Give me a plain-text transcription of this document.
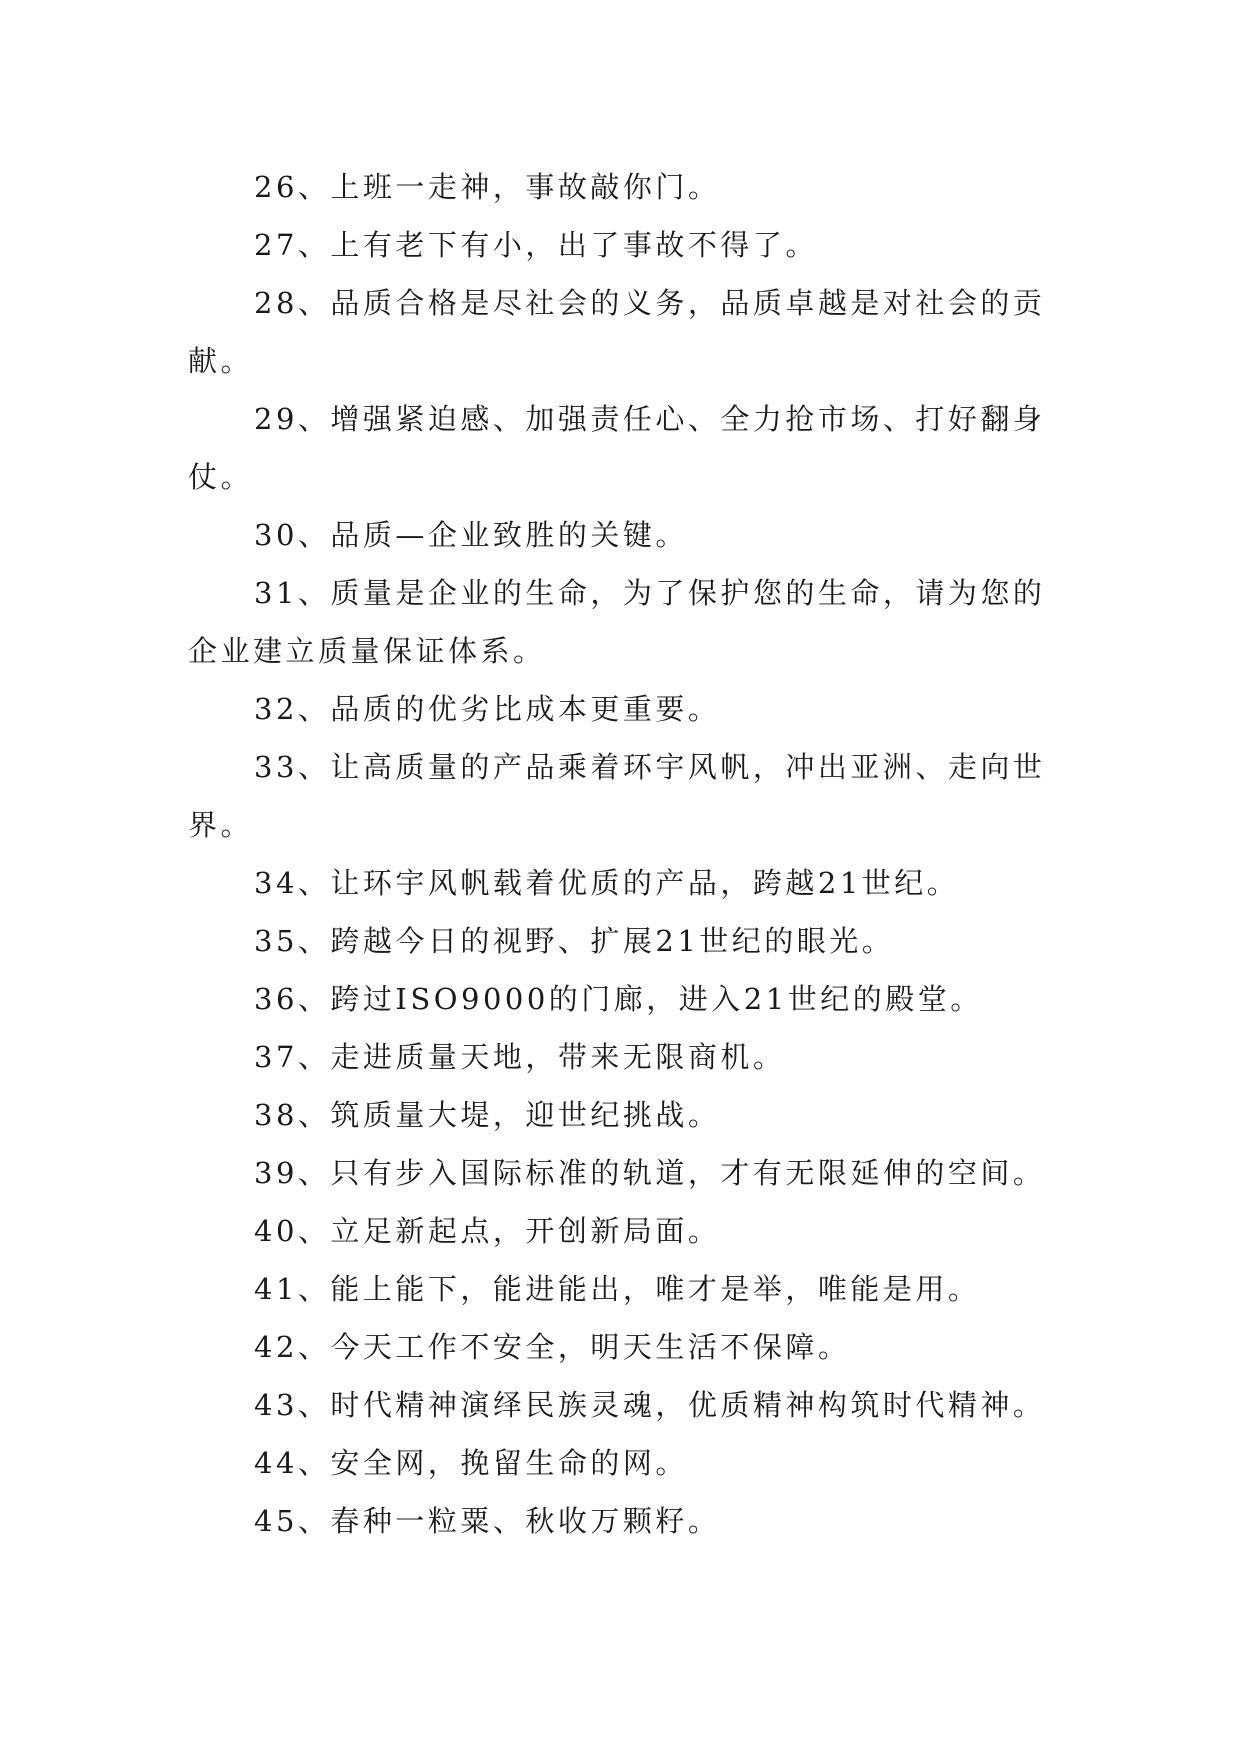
26、上班一走神，事故敲你门。

27、上有老下有小，出了事故不得了。

28、品质合格是尽社会的义务，品质卓越是对社会的贡献。

29、增强紧迫感、加强责任心、全力抢市场、打好翻身仗。

30、品质—企业致胜的关键。

31、质量是企业的生命，为了保护您的生命，请为您的企业建立质量保证体系。

32、品质的优劣比成本更重要。

33、让高质量的产品乘着环宇风帆，冲出亚洲、走向世界。

34、让环宇风帆载着优质的产品，跨越21世纪。

35、跨越今日的视野、扩展21世纪的眼光。

36、跨过ISO9000的门廊，进入21世纪的殿堂。

37、走进质量天地，带来无限商机。

38、筑质量大堤，迎世纪挑战。

39、只有步入国际标准的轨道，才有无限延伸的空间。

40、立足新起点，开创新局面。

41、能上能下，能进能出，唯才是举，唯能是用。

42、今天工作不安全，明天生活不保障。

43、时代精神演绎民族灵魂，优质精神构筑时代精神。

44、安全网，挽留生命的网。

45、春种一粒粟、秋收万颗籽。
